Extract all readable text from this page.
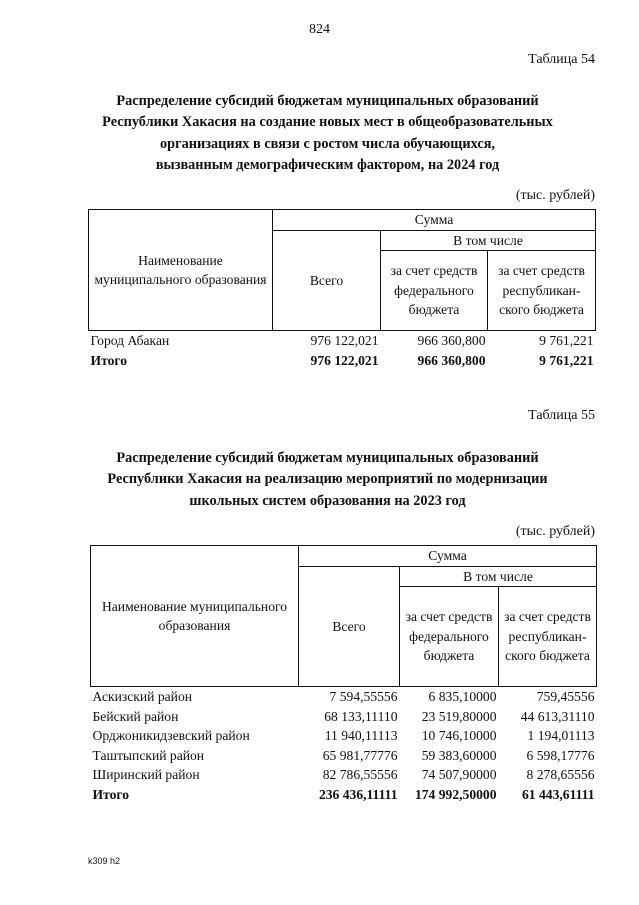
824
Таблица 54
Распределение субсидий бюджетам муниципальных образований
Республики Хакасия на создание новых мест в общеобразовательных
организациях в связи с ростом числа обучающихся,
вызванным демографическим фактором, на 2024 год
(тыс. рублей)
Наименование муниципального образования	Сумма		
	Всего	В том числе	
		за счет средств федерального бюджета	за счет средств республикан-ского бюджета
Город Абакан	976 122,021	966 360,800	9 761,221
Итого	976 122,021	966 360,800	9 761,221
Таблица 55
Распределение субсидий бюджетам муниципальных образований
Республики Хакасия на реализацию мероприятий по модернизации
школьных систем образования на 2023 год
(тыс. рублей)
Наименование муниципального образования	Сумма		
	Всего	В том числе	
		за счет средств федерального бюджета	за счет средств республикан-ского бюджета
Аскизский район	7 594,55556	6 835,10000	759,45556
Бейский район	68 133,11110	23 519,80000	44 613,31110
Орджоникидзевский район	11 940,11113	10 746,10000	1 194,01113
Таштыпский район	65 981,77776	59 383,60000	6 598,17776
Ширинский район	82 786,55556	74 507,90000	8 278,65556
Итого	236 436,11111	174 992,50000	61 443,61111
k309 h2
